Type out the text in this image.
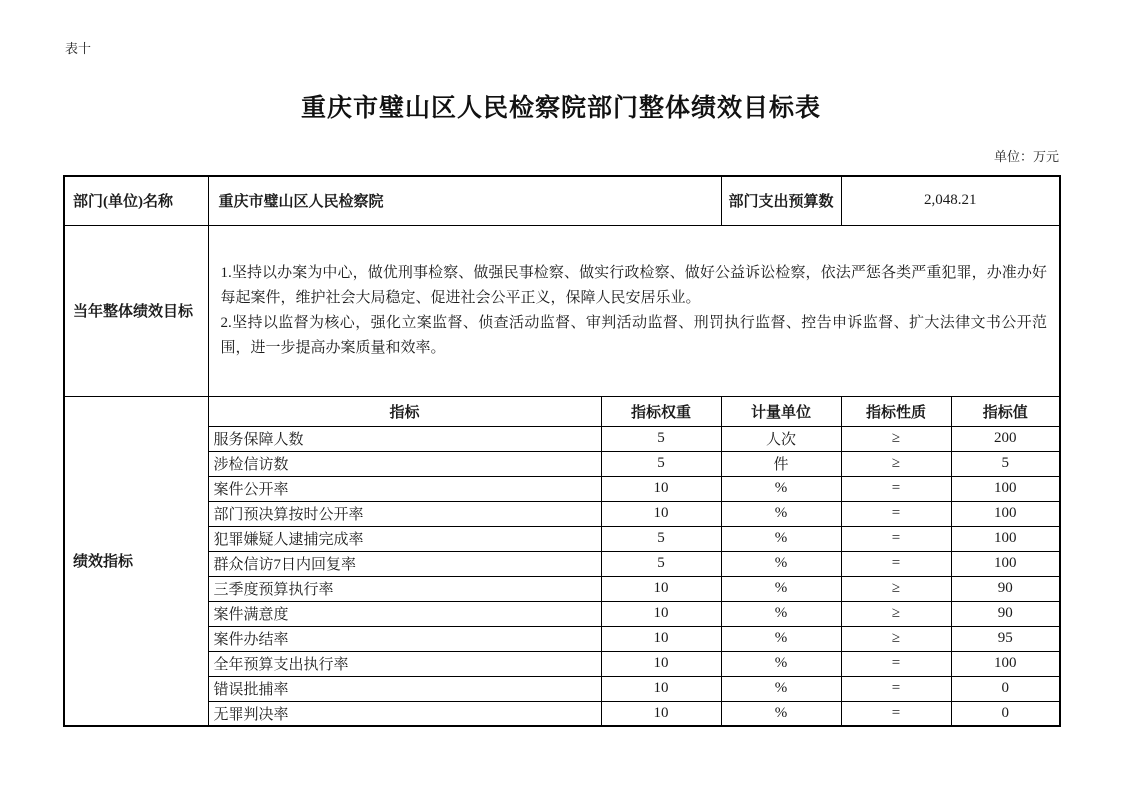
表十
重庆市璧山区人民检察院部门整体绩效目标表
单位：万元
部门(单位)名称	重庆市璧山区人民检察院		部门支出预算数	2,048.21	
当年整体绩效目标	1.坚持以办案为中心，做优刑事检察、做强民事检察、做实行政检察、做好公益诉讼检察，依法严惩各类严重犯罪，办准办好每起案件，维护社会大局稳定、促进社会公平正义，保障人民安居乐业。

2.坚持以监督为核心，强化立案监督、侦查活动监督、审判活动监督、刑罚执行监督、控告申诉监督、扩大法律文书公开范围，进一步提高办案质量和效率。				

绩效指标	指标	指标权重	计量单位	指标性质	指标值
	服务保障人数	5	人次	≥	200
	涉检信访数	5	件	≥	5
	案件公开率	10	%	=	100
	部门预决算按时公开率	10	%	=	100
	犯罪嫌疑人逮捕完成率	5	%	=	100
	群众信访7日内回复率	5	%	=	100
	三季度预算执行率	10	%	≥	90
	案件满意度	10	%	≥	90
	案件办结率	10	%	≥	95
	全年预算支出执行率	10	%	=	100
	错误批捕率	10	%	=	0
	无罪判决率	10	%	=	0
